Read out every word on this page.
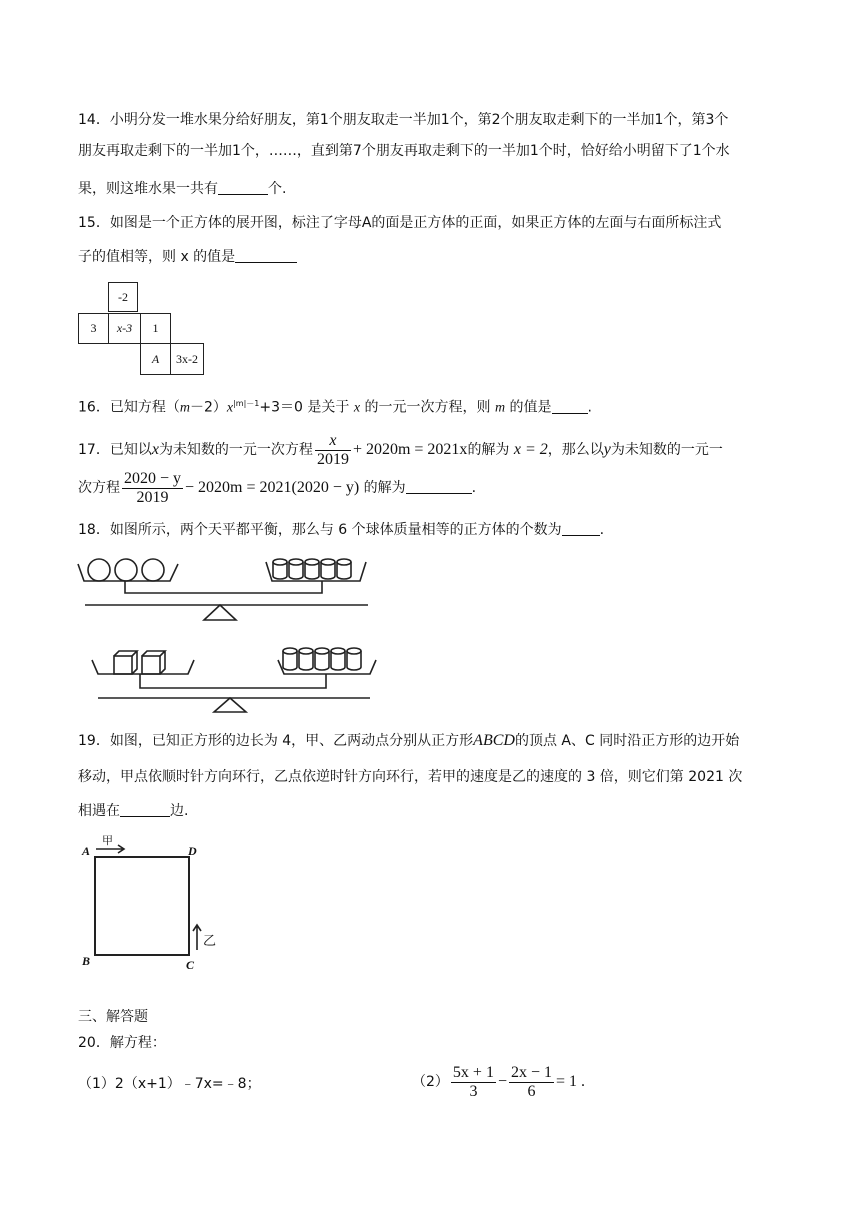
14．小明分发一堆水果分给好朋友，第1个朋友取走一半加1个，第2个朋友取走剩下的一半加1个，第3个
朋友再取走剩下的一半加1个，……，直到第7个朋友再取走剩下的一半加1个时，恰好给小明留下了1个水
果，则这堆水果一共有	个.
15．如图是一个正方体的展开图，标注了字母A的面是正方体的正面，如果正方体的左面与右面所标注式
子的值相等，则 x 的值是
-2
3	x-3	1
A	3x-2
16．已知方程$(m-2)x^{|m|-1}+3=0$ 是关于 x 的一元一次方程，则 m 的值是	.
17．已知以x为未知数的一元一次方程 $\frac{x}{2019} + 2020m = 2021x$的解为 x = 2，那么以y为未知数的一元一
次方程 $\frac{2020 - y}{2019} - 2020m = 2021(2020 - y)$ 的解为	.
18．如图所示，两个天平都平衡，那么与 6 个球体质量相等的正方体的个数为	.
19．如图，已知正方形的边长为 4，甲、乙两动点分别从正方形ABCD的顶点 A、C 同时沿正方形的边开始
移动，甲点依顺时针方向环行，乙点依逆时针方向环行，若甲的速度是乙的速度的 3 倍，则它们第 2021 次
相遇在	边.
A
B	C
D
甲
乙
三、解答题
20．解方程：
（1）2（x+1）﹣7x=﹣8；	$(2) \frac{5x + 1}{3} - \frac{2x - 1}{6} = 1$ .
